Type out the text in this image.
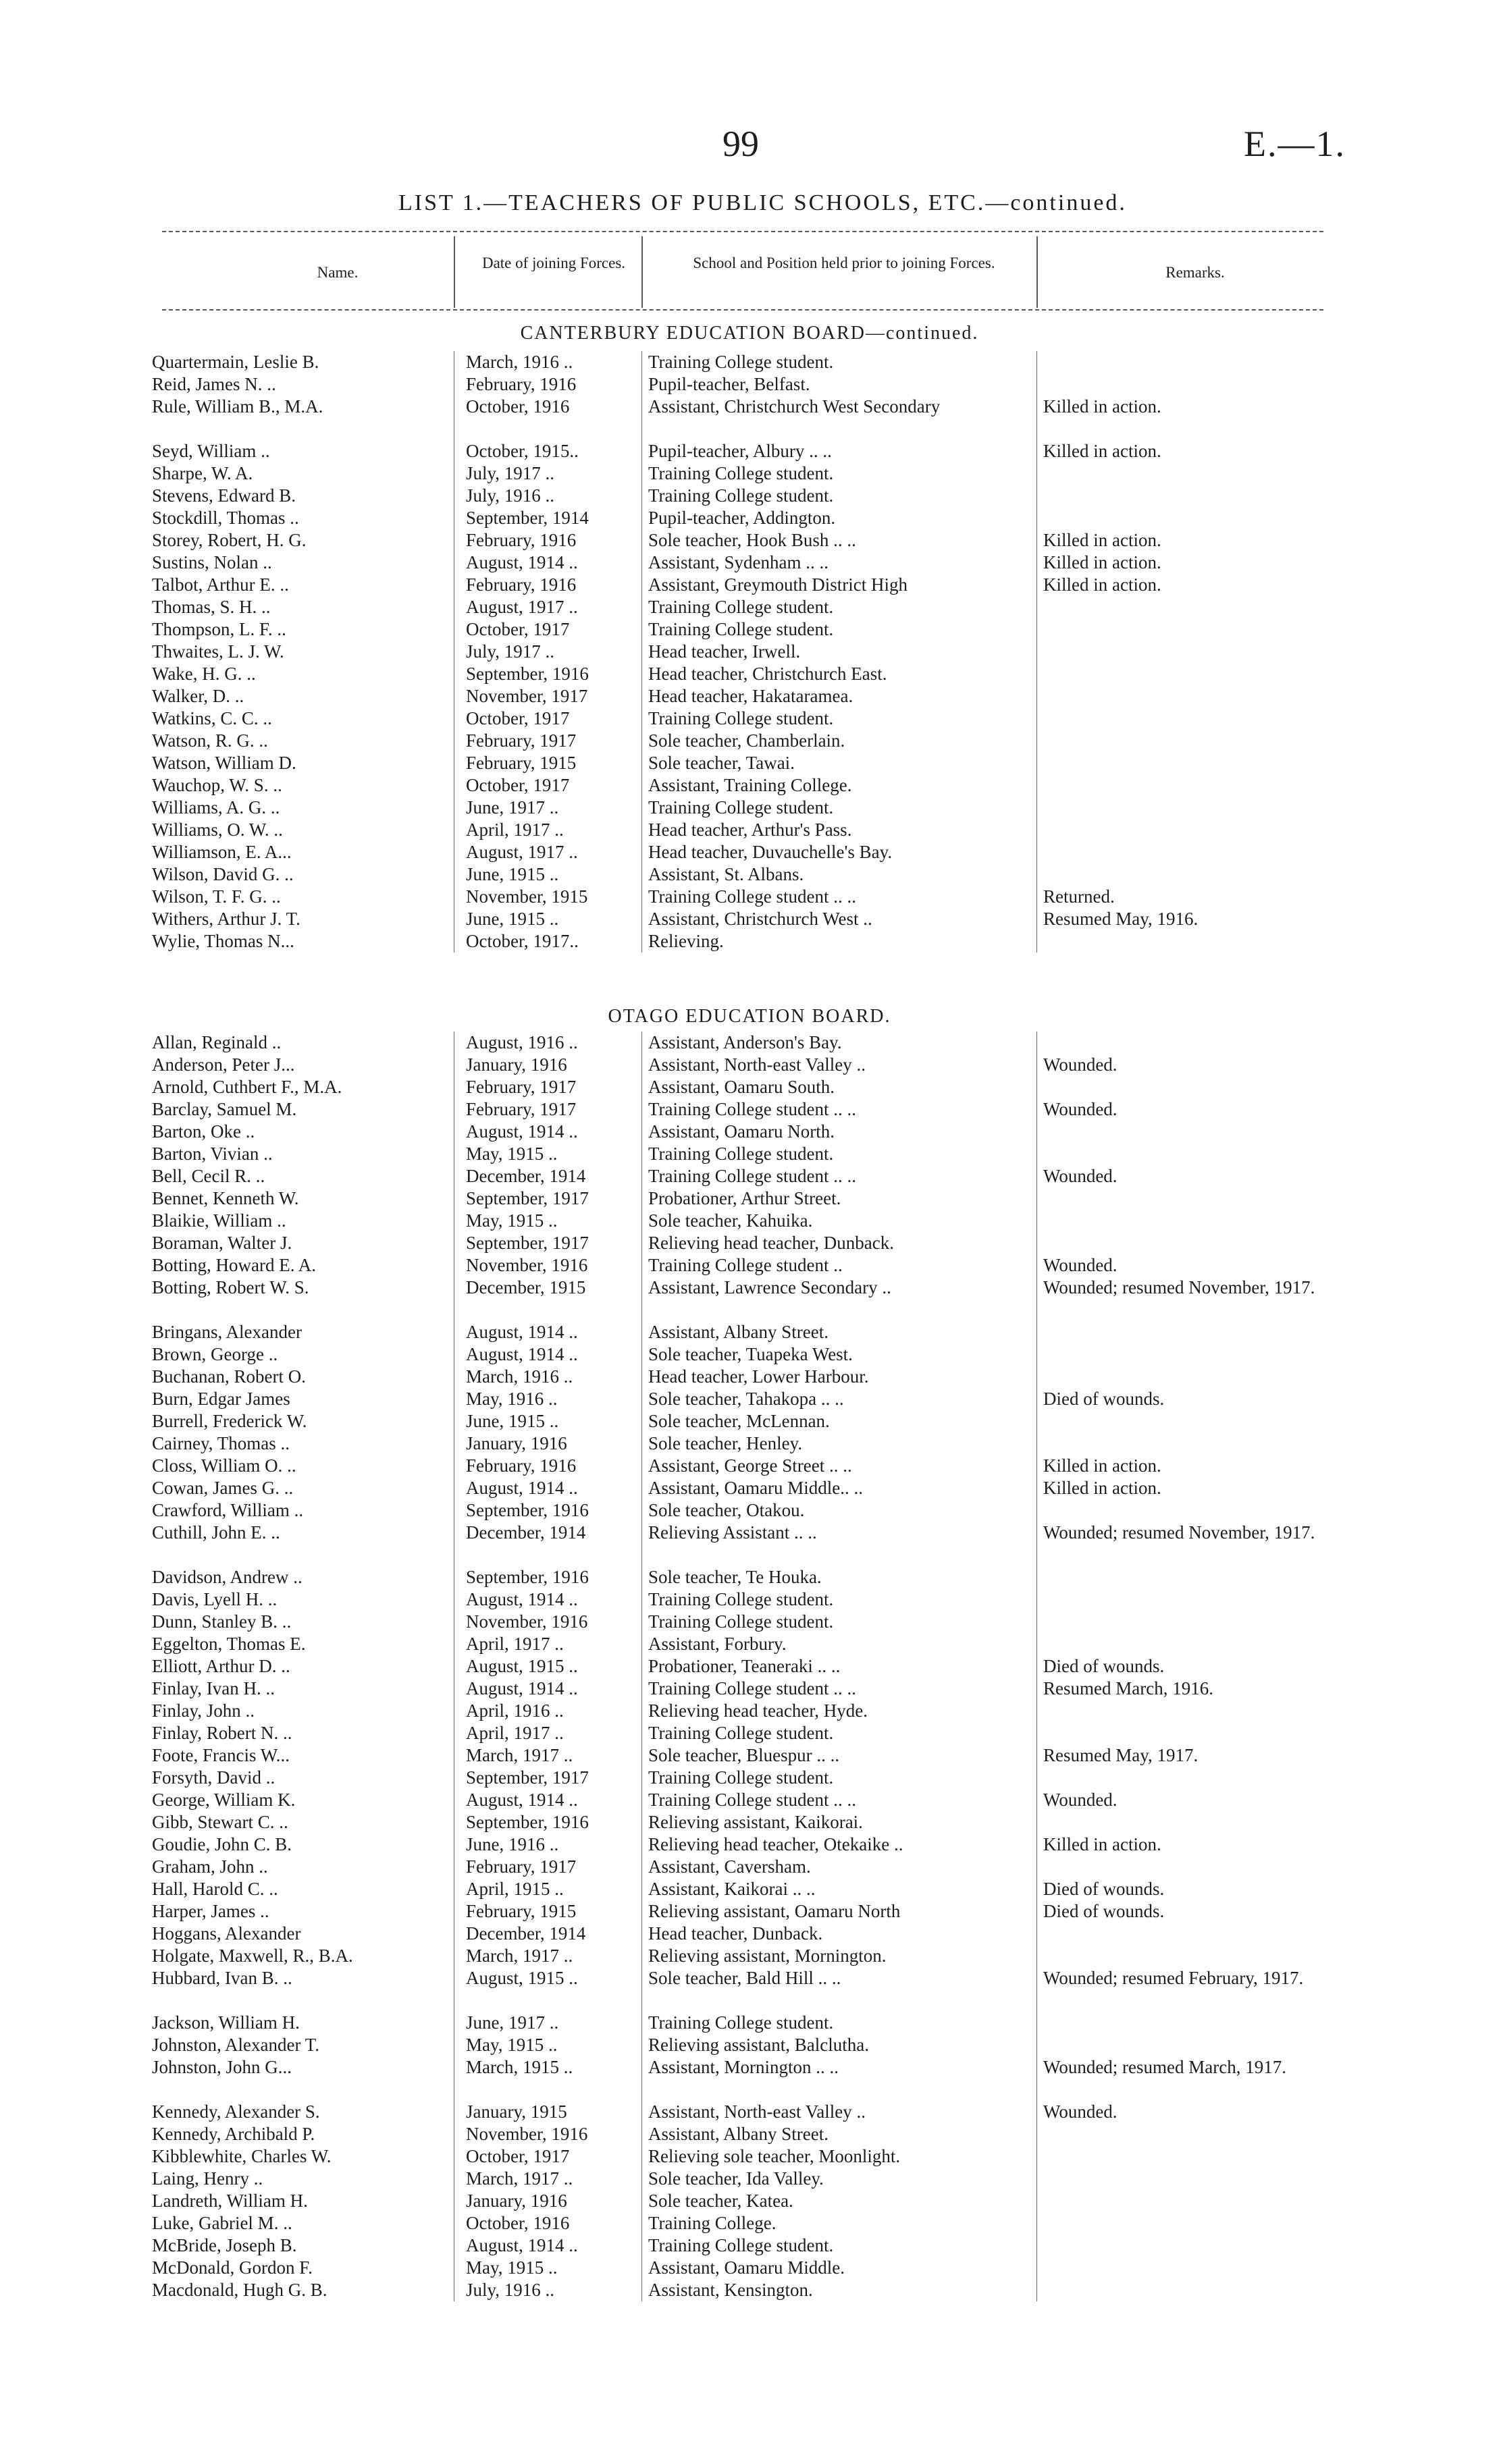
99	E.—1.
LIST 1.—TEACHERS OF PUBLIC SCHOOLS, ETC.—continued.
Name.
Date of joining Forces.	School and Position held prior to joining Forces.
Remarks.
CANTERBURY EDUCATION BOARD—continued.
Quartermain, Leslie B.	March, 1916 ..	Training College student.
Reid, James N. ..	February, 1916	Pupil-teacher, Belfast.
Rule, William B., M.A.	October, 1916	Assistant, Christchurch West Secondary	Killed in action.
Seyd, William ..	October, 1915..	Pupil-teacher, Albury .. ..	Killed in action.
Sharpe, W. A.	July, 1917 ..	Training College student.
Stevens, Edward B.	July, 1916 ..	Training College student.
Stockdill, Thomas ..	September, 1914	Pupil-teacher, Addington.
Storey, Robert, H. G.	February, 1916	Sole teacher, Hook Bush .. ..	Killed in action.
Sustins, Nolan ..	August, 1914 ..	Assistant, Sydenham .. ..	Killed in action.
Talbot, Arthur E. ..	February, 1916	Assistant, Greymouth District High	Killed in action.
Thomas, S. H. ..	August, 1917 ..	Training College student.
Thompson, L. F. ..	October, 1917	Training College student.
Thwaites, L. J. W.	July, 1917 ..	Head teacher, Irwell.
Wake, H. G. ..	September, 1916	Head teacher, Christchurch East.
Walker, D. ..	November, 1917	Head teacher, Hakataramea.
Watkins, C. C. ..	October, 1917	Training College student.
Watson, R. G. ..	February, 1917	Sole teacher, Chamberlain.
Watson, William D.	February, 1915	Sole teacher, Tawai.
Wauchop, W. S. ..	October, 1917	Assistant, Training College.
Williams, A. G. ..	June, 1917 ..	Training College student.
Williams, O. W. ..	April, 1917 ..	Head teacher, Arthur's Pass.
Williamson, E. A...	August, 1917 ..	Head teacher, Duvauchelle's Bay.
Wilson, David G. ..	June, 1915 ..	Assistant, St. Albans.
Wilson, T. F. G. ..	November, 1915	Training College student .. ..	Returned.
Withers, Arthur J. T.	June, 1915 ..	Assistant, Christchurch West ..	Resumed May, 1916.
Wylie, Thomas N...	October, 1917..	Relieving.
OTAGO EDUCATION BOARD.
Allan, Reginald ..	August, 1916 ..	Assistant, Anderson's Bay.
Anderson, Peter J...	January, 1916	Assistant, North-east Valley ..	Wounded.
Arnold, Cuthbert F., M.A.	February, 1917	Assistant, Oamaru South.
Barclay, Samuel M.	February, 1917	Training College student .. ..	Wounded.
Barton, Oke ..	August, 1914 ..	Assistant, Oamaru North.
Barton, Vivian ..	May, 1915 ..	Training College student.
Bell, Cecil R. ..	December, 1914	Training College student .. ..	Wounded.
Bennet, Kenneth W.	September, 1917	Probationer, Arthur Street.
Blaikie, William ..	May, 1915 ..	Sole teacher, Kahuika.
Boraman, Walter J.	September, 1917	Relieving head teacher, Dunback.
Botting, Howard E. A.	November, 1916	Training College student ..	Wounded.
Botting, Robert W. S.	December, 1915	Assistant, Lawrence Secondary ..	Wounded; resumed November, 1917.
Bringans, Alexander	August, 1914 ..	Assistant, Albany Street.
Brown, George ..	August, 1914 ..	Sole teacher, Tuapeka West.
Buchanan, Robert O.	March, 1916 ..	Head teacher, Lower Harbour.
Burn, Edgar James	May, 1916 ..	Sole teacher, Tahakopa .. ..	Died of wounds.
Burrell, Frederick W.	June, 1915 ..	Sole teacher, McLennan.
Cairney, Thomas ..	January, 1916	Sole teacher, Henley.
Closs, William O. ..	February, 1916	Assistant, George Street .. ..	Killed in action.
Cowan, James G. ..	August, 1914 ..	Assistant, Oamaru Middle.. ..	Killed in action.
Crawford, William ..	September, 1916	Sole teacher, Otakou.
Cuthill, John E. ..	December, 1914	Relieving Assistant .. ..	Wounded; resumed November, 1917.
Davidson, Andrew ..	September, 1916	Sole teacher, Te Houka.
Davis, Lyell H. ..	August, 1914 ..	Training College student.
Dunn, Stanley B. ..	November, 1916	Training College student.
Eggelton, Thomas E.	April, 1917 ..	Assistant, Forbury.
Elliott, Arthur D. ..	August, 1915 ..	Probationer, Teaneraki .. ..	Died of wounds.
Finlay, Ivan H. ..	August, 1914 ..	Training College student .. ..	Resumed March, 1916.
Finlay, John ..	April, 1916 ..	Relieving head teacher, Hyde.
Finlay, Robert N. ..	April, 1917 ..	Training College student.
Foote, Francis W...	March, 1917 ..	Sole teacher, Bluespur .. ..	Resumed May, 1917.
Forsyth, David ..	September, 1917	Training College student.
George, William K.	August, 1914 ..	Training College student .. ..	Wounded.
Gibb, Stewart C. ..	September, 1916	Relieving assistant, Kaikorai.
Goudie, John C. B.	June, 1916 ..	Relieving head teacher, Otekaike ..	Killed in action.
Graham, John ..	February, 1917	Assistant, Caversham.
Hall, Harold C. ..	April, 1915 ..	Assistant, Kaikorai .. ..	Died of wounds.
Harper, James ..	February, 1915	Relieving assistant, Oamaru North	Died of wounds.
Hoggans, Alexander	December, 1914	Head teacher, Dunback.
Holgate, Maxwell, R., B.A.	March, 1917 ..	Relieving assistant, Mornington.
Hubbard, Ivan B. ..	August, 1915 ..	Sole teacher, Bald Hill .. ..	Wounded; resumed February, 1917.
Jackson, William H.	June, 1917 ..	Training College student.
Johnston, Alexander T.	May, 1915 ..	Relieving assistant, Balclutha.
Johnston, John G...	March, 1915 ..	Assistant, Mornington .. ..	Wounded; resumed March, 1917.
Kennedy, Alexander S.	January, 1915	Assistant, North-east Valley ..	Wounded.
Kennedy, Archibald P.	November, 1916	Assistant, Albany Street.
Kibblewhite, Charles W.	October, 1917	Relieving sole teacher, Moonlight.
Laing, Henry ..	March, 1917 ..	Sole teacher, Ida Valley.
Landreth, William H.	January, 1916	Sole teacher, Katea.
Luke, Gabriel M. ..	October, 1916	Training College.
McBride, Joseph B.	August, 1914 ..	Training College student.
McDonald, Gordon F.	May, 1915 ..	Assistant, Oamaru Middle.
Macdonald, Hugh G. B.	July, 1916 ..	Assistant, Kensington.
